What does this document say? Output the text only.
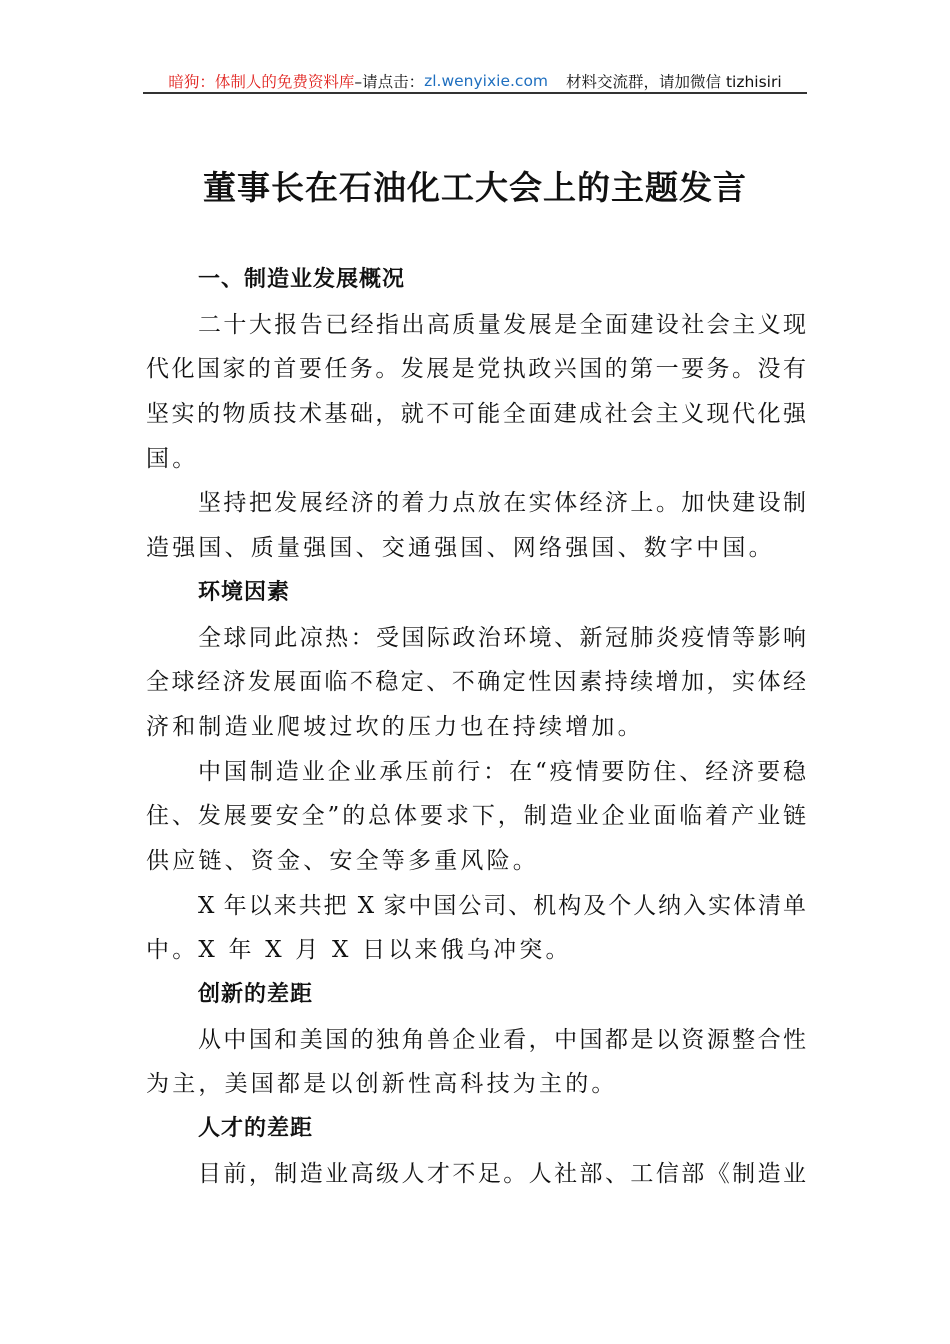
暗狗：体制人的免费资料库 –请点击： zl.wenyixie.com 材料交流群，请加微信 tizhisiri
董事长在石油化工大会上的主题发言
一、制造业发展概况
二十大报告已经指出高质量发展是全面建设社会主义现
代化国家的首要任务。发展是党执政兴国的第一要务。没有
坚实的物质技术基础，就不可能全面建成社会主义现代化强
国。
坚持把发展经济的着力点放在实体经济上。加快建设制
造强国、质量强国、交通强国、网络强国、数字中国。
环境因素
全球同此凉热：受国际政治环境、新冠肺炎疫情等影响
全球经济发展面临不稳定、不确定性因素持续增加，实体经
济和制造业爬坡过坎的压力也在持续增加。
中国制造业企业承压前行：在“疫情要防住、经济要稳
住、发展要安全”的总体要求下，制造业企业面临着产业链
供应链、资金、安全等多重风险。
X 年以来共把 X 家中国公司、机构及个人纳入实体清单
中。X 年 X 月 X 日以来俄乌冲突。
创新的差距
从中国和美国的独角兽企业看，中国都是以资源整合性
为主，美国都是以创新性高科技为主的。
人才的差距
目前，制造业高级人才不足。人社部、工信部《制造业
